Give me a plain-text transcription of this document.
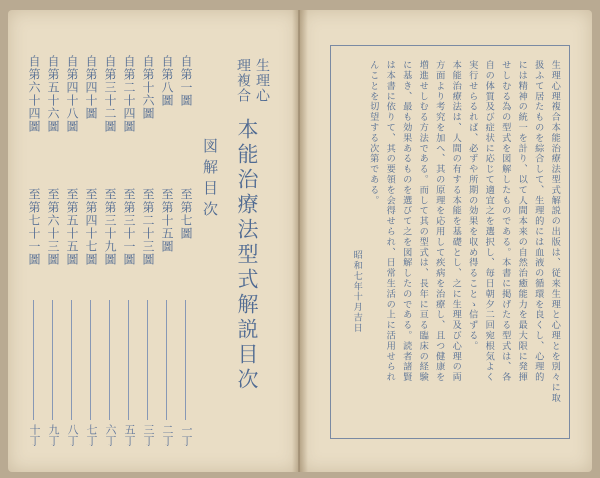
生理心
理複合
本能治療法型式解説目次
図解目次
自第一圖
至第七圖
一丁
自第八圖
至第十五圖
二丁
自第十六圖
至第二十三圖
三丁
自第二十四圖
至第三十一圖
五丁
自第三十二圖
至第三十九圖
六丁
自第四十圖
至第四十七圖
七丁
自第四十八圖
至第五十五圖
八丁
自第五十六圖
至第六十三圖
九丁
自第六十四圖
至第七十一圖
十丁
生理心理複合本能治療法型式解説の出版は、従来生理と心理とを別々に取
扱ふて居たものを綜合して、生理的には血液の循環を良くし、心理的
には精神の統一を計り、以て人間本来の自然治癒能力を最大限に発揮
せしむる為の型式を図解したものである。本書に掲げたる型式は、各
自の体質及び症状に応じて適宜之を選択し、毎日朝夕二回宛根気よく
実行せらるれば、必ずや所期の効果を収め得ることゝ信ずる。
本能治療法は、人間の有する本能を基礎とし、之に生理及び心理の両
方面より考究を加へ、其の原理を応用して疾病を治療し、且つ健康を
増進せしむる方法である。而して其の型式は、長年に亘る臨床の経験
に基き、最も効果あるものを選びて之を図解したのである。読者諸賢
は本書に依りて、其の要領を会得せられ、日常生活の上に活用せられ
んことを切望する次第である。
昭和七年十月吉日
